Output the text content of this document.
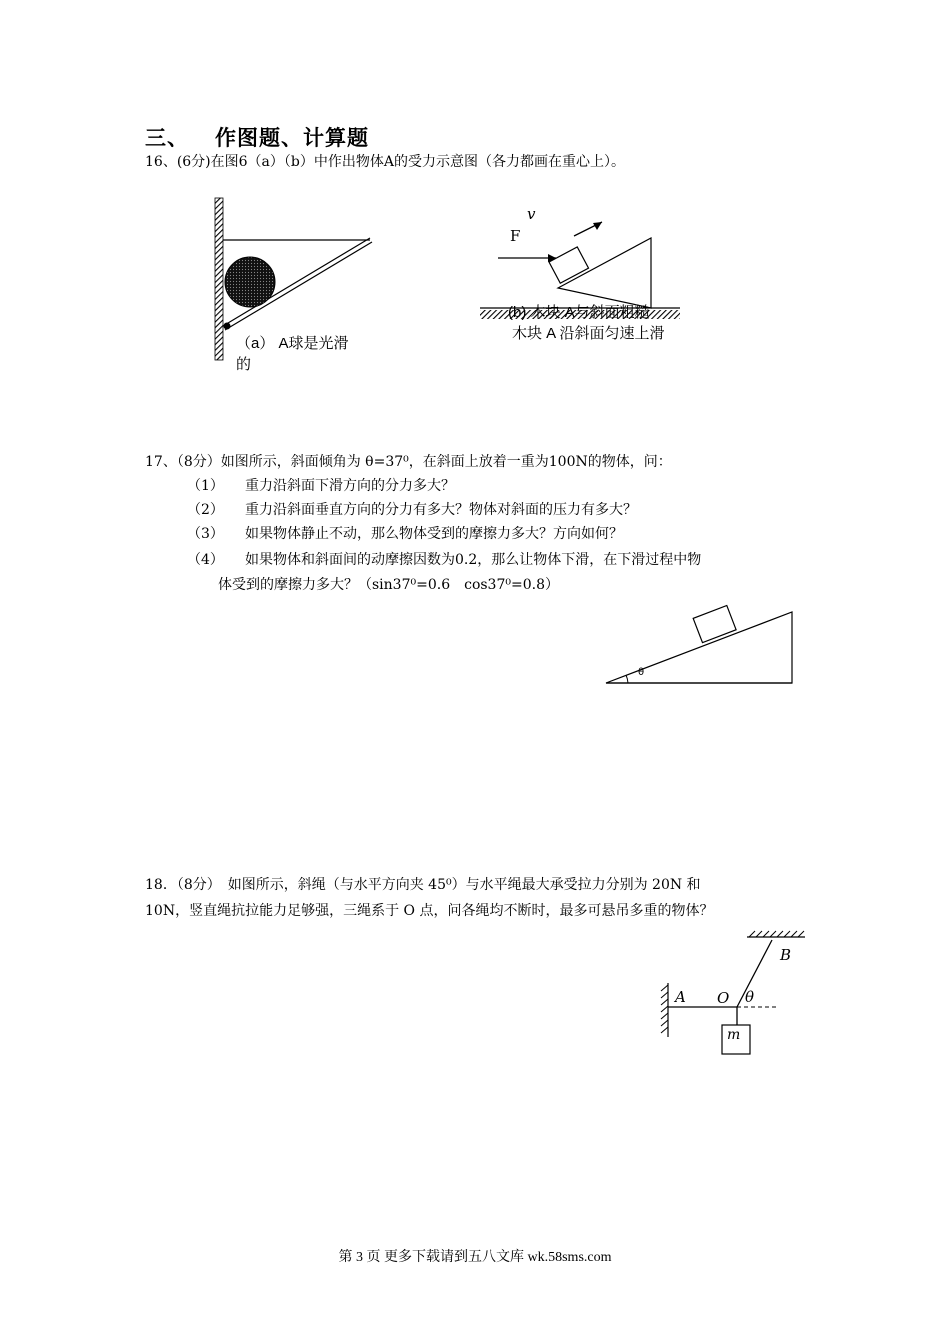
三、 作图题、计算题
16、(6分)在图6（a）（b）中作出物体A的受力示意图（各力都画在重心上）。
（a） A球是光滑
的
v
F
(b) 木块 A与斜面粗糙
木块 A 沿斜面匀速上滑
17、（8分）如图所示，斜面倾角为 θ=37⁰，在斜面上放着一重为100N的物体，问：
（1） 重力沿斜面下滑方向的分力多大？
（2） 重力沿斜面垂直方向的分力有多大？物体对斜面的压力有多大？
（3） 如果物体静止不动，那么物体受到的摩擦力多大？方向如何？
（4） 如果物体和斜面间的动摩擦因数为0.2，那么让物体下滑，在下滑过程中物
体受到的摩擦力多大？（sin37⁰=0.6　cos37⁰=0.8）
θ
18．（8分）　如图所示，斜绳（与水平方向夹 45⁰）与水平绳最大承受拉力分别为 20N 和
10N，竖直绳抗拉能力足够强，三绳系于 O 点，问各绳均不断时，最多可悬吊多重的物体？
A O θ
B
m
第 3 页 更多下载请到五八文库 wk.58sms.com
